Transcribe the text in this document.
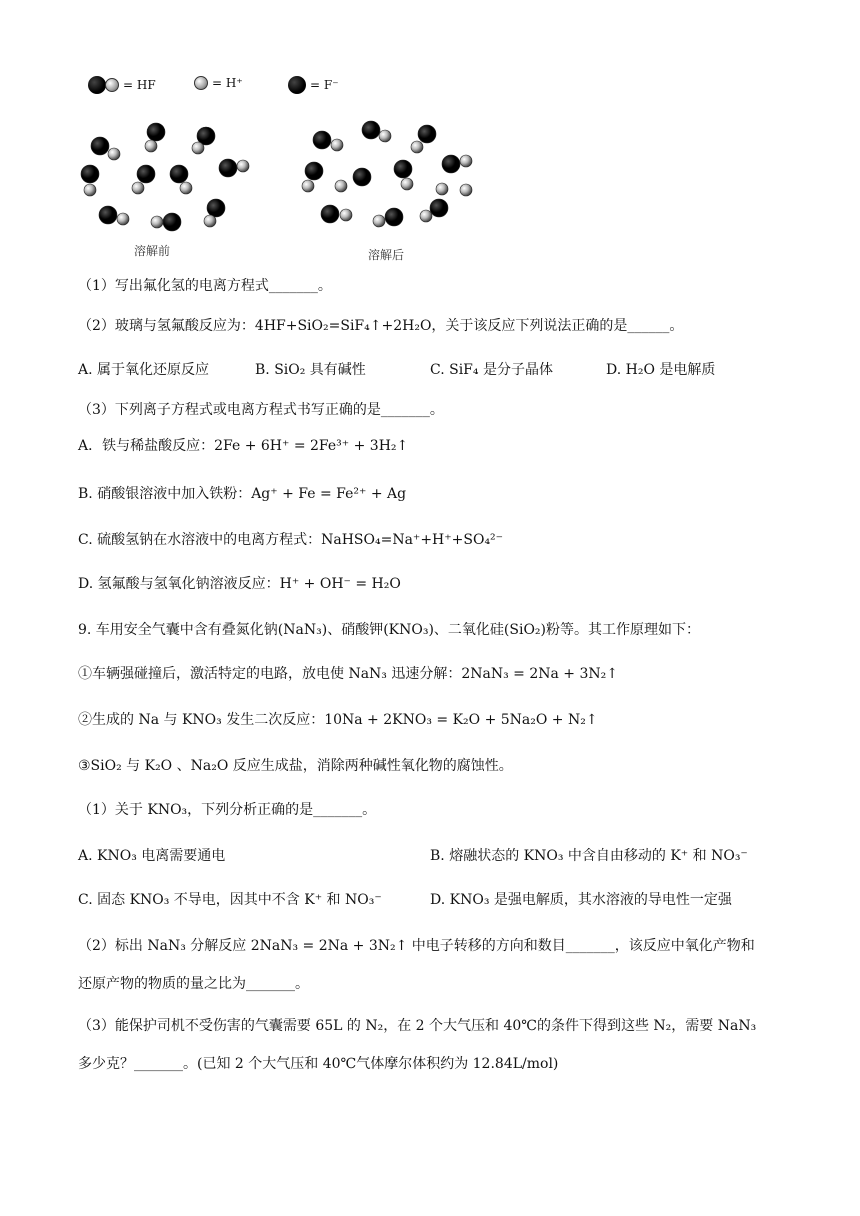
= HF	= H⁺	= F⁻
溶解前	溶解后
（1）写出氟化氢的电离方程式_______。
（2）玻璃与氢氟酸反应为：4HF+SiO₂=SiF₄↑+2H₂O，关于该反应下列说法正确的是______。
A. 属于氧化还原反应	B. SiO₂ 具有碱性	C. SiF₄ 是分子晶体	D. H₂O 是电解质
（3）下列离子方程式或电离方程式书写正确的是_______。
A．铁与稀盐酸反应：2Fe + 6H⁺ = 2Fe³⁺ + 3H₂↑
B. 硝酸银溶液中加入铁粉：Ag⁺ + Fe = Fe²⁺ + Ag
C. 硫酸氢钠在水溶液中的电离方程式：NaHSO₄=Na⁺+H⁺+SO₄²⁻
D. 氢氟酸与氢氧化钠溶液反应：H⁺ + OH⁻ = H₂O
9. 车用安全气囊中含有叠氮化钠(NaN₃)、硝酸钾(KNO₃)、二氧化硅(SiO₂)粉等。其工作原理如下：
①车辆强碰撞后，激活特定的电路，放电使 NaN₃ 迅速分解：2NaN₃ = 2Na + 3N₂↑
②生成的 Na 与 KNO₃ 发生二次反应：10Na + 2KNO₃ = K₂O + 5Na₂O + N₂↑
③SiO₂ 与 K₂O 、Na₂O 反应生成盐，消除两种碱性氧化物的腐蚀性。
（1）关于 KNO₃，下列分析正确的是_______。
A. KNO₃ 电离需要通电	B. 熔融状态的 KNO₃ 中含自由移动的 K⁺ 和 NO₃⁻
C. 固态 KNO₃ 不导电，因其中不含 K⁺ 和 NO₃⁻	D. KNO₃ 是强电解质，其水溶液的导电性一定强
（2）标出 NaN₃ 分解反应 2NaN₃ = 2Na + 3N₂↑ 中电子转移的方向和数目_______，该反应中氧化产物和
还原产物的物质的量之比为_______。
（3）能保护司机不受伤害的气囊需要 65L 的 N₂，在 2 个大气压和 40℃的条件下得到这些 N₂，需要 NaN₃
多少克？_______。(已知 2 个大气压和 40℃气体摩尔体积约为 12.84L/mol)
